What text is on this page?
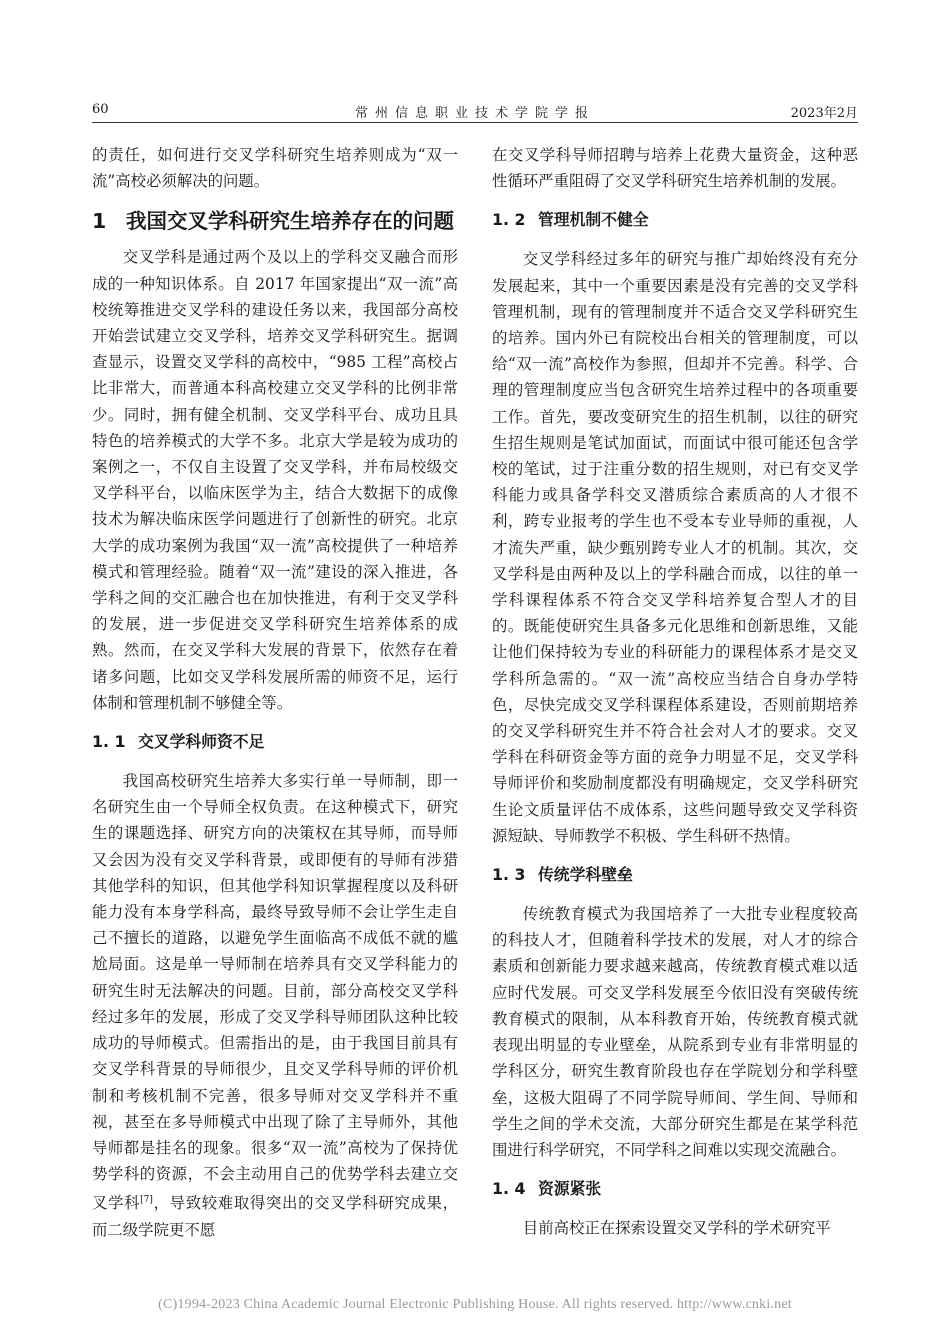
60	常州信息职业技术学院学报	2023年2月

的责任，如何进行交叉学科研究生培养则成为“双一流”高校必须解决的问题。

1 我国交叉学科研究生培养存在的问题

交叉学科是通过两个及以上的学科交叉融合而形成的一种知识体系。自 2017 年国家提出“双一流”高校统筹推进交叉学科的建设任务以来，我国部分高校开始尝试建立交叉学科，培养交叉学科研究生。据调查显示，设置交叉学科的高校中，“985 工程”高校占比非常大，而普通本科高校建立交叉学科的比例非常少。同时，拥有健全机制、交叉学科平台、成功且具特色的培养模式的大学不多。北京大学是较为成功的案例之一，不仅自主设置了交叉学科，并布局校级交叉学科平台，以临床医学为主，结合大数据下的成像技术为解决临床医学问题进行了创新性的研究。北京大学的成功案例为我国“双一流”高校提供了一种培养模式和管理经验。随着“双一流”建设的深入推进，各学科之间的交汇融合也在加快推进，有利于交叉学科的发展，进一步促进交叉学科研究生培养体系的成熟。然而，在交叉学科大发展的背景下，依然存在着诸多问题，比如交叉学科发展所需的师资不足，运行体制和管理机制不够健全等。

1. 1 交叉学科师资不足

我国高校研究生培养大多实行单一导师制，即一名研究生由一个导师全权负责。在这种模式下，研究生的课题选择、研究方向的决策权在其导师，而导师又会因为没有交叉学科背景，或即便有的导师有涉猎其他学科的知识，但其他学科知识掌握程度以及科研能力没有本身学科高，最终导致导师不会让学生走自己不擅长的道路，以避免学生面临高不成低不就的尴尬局面。这是单一导师制在培养具有交叉学科能力的研究生时无法解决的问题。目前，部分高校交叉学科经过多年的发展，形成了交叉学科导师团队这种比较成功的导师模式。但需指出的是，由于我国目前具有交叉学科背景的导师很少，且交叉学科导师的评价机制和考核机制不完善，很多导师对交叉学科并不重视，甚至在多导师模式中出现了除了主导师外，其他导师都是挂名的现象。很多“双一流”高校为了保持优势学科的资源，不会主动用自己的优势学科去建立交叉学科[7]，导致较难取得突出的交叉学科研究成果，而二级学院更不愿

在交叉学科导师招聘与培养上花费大量资金，这种恶性循环严重阻碍了交叉学科研究生培养机制的发展。

1. 2 管理机制不健全

交叉学科经过多年的研究与推广却始终没有充分发展起来，其中一个重要因素是没有完善的交叉学科管理机制，现有的管理制度并不适合交叉学科研究生的培养。国内外已有院校出台相关的管理制度，可以给“双一流”高校作为参照，但却并不完善。科学、合理的管理制度应当包含研究生培养过程中的各项重要工作。首先，要改变研究生的招生机制，以往的研究生招生规则是笔试加面试，而面试中很可能还包含学校的笔试，过于注重分数的招生规则，对已有交叉学科能力或具备学科交叉潜质综合素质高的人才很不利，跨专业报考的学生也不受本专业导师的重视，人才流失严重，缺少甄别跨专业人才的机制。其次，交叉学科是由两种及以上的学科融合而成，以往的单一学科课程体系不符合交叉学科培养复合型人才的目的。既能使研究生具备多元化思维和创新思维，又能让他们保持较为专业的科研能力的课程体系才是交叉学科所急需的。“双一流”高校应当结合自身办学特色，尽快完成交叉学科课程体系建设，否则前期培养的交叉学科研究生并不符合社会对人才的要求。交叉学科在科研资金等方面的竞争力明显不足，交叉学科导师评价和奖励制度都没有明确规定，交叉学科研究生论文质量评估不成体系，这些问题导致交叉学科资源短缺、导师教学不积极、学生科研不热情。

1. 3 传统学科壁垒

传统教育模式为我国培养了一大批专业程度较高的科技人才，但随着科学技术的发展，对人才的综合素质和创新能力要求越来越高，传统教育模式难以适应时代发展。可交叉学科发展至今依旧没有突破传统教育模式的限制，从本科教育开始，传统教育模式就表现出明显的专业壁垒，从院系到专业有非常明显的学科区分，研究生教育阶段也存在学院划分和学科壁垒，这极大阻碍了不同学院导师间、学生间、导师和学生之间的学术交流，大部分研究生都是在某学科范围进行科学研究，不同学科之间难以实现交流融合。

1. 4 资源紧张

目前高校正在探索设置交叉学科的学术研究平

(C)1994-2023 China Academic Journal Electronic Publishing House. All rights reserved. http://www.cnki.net
